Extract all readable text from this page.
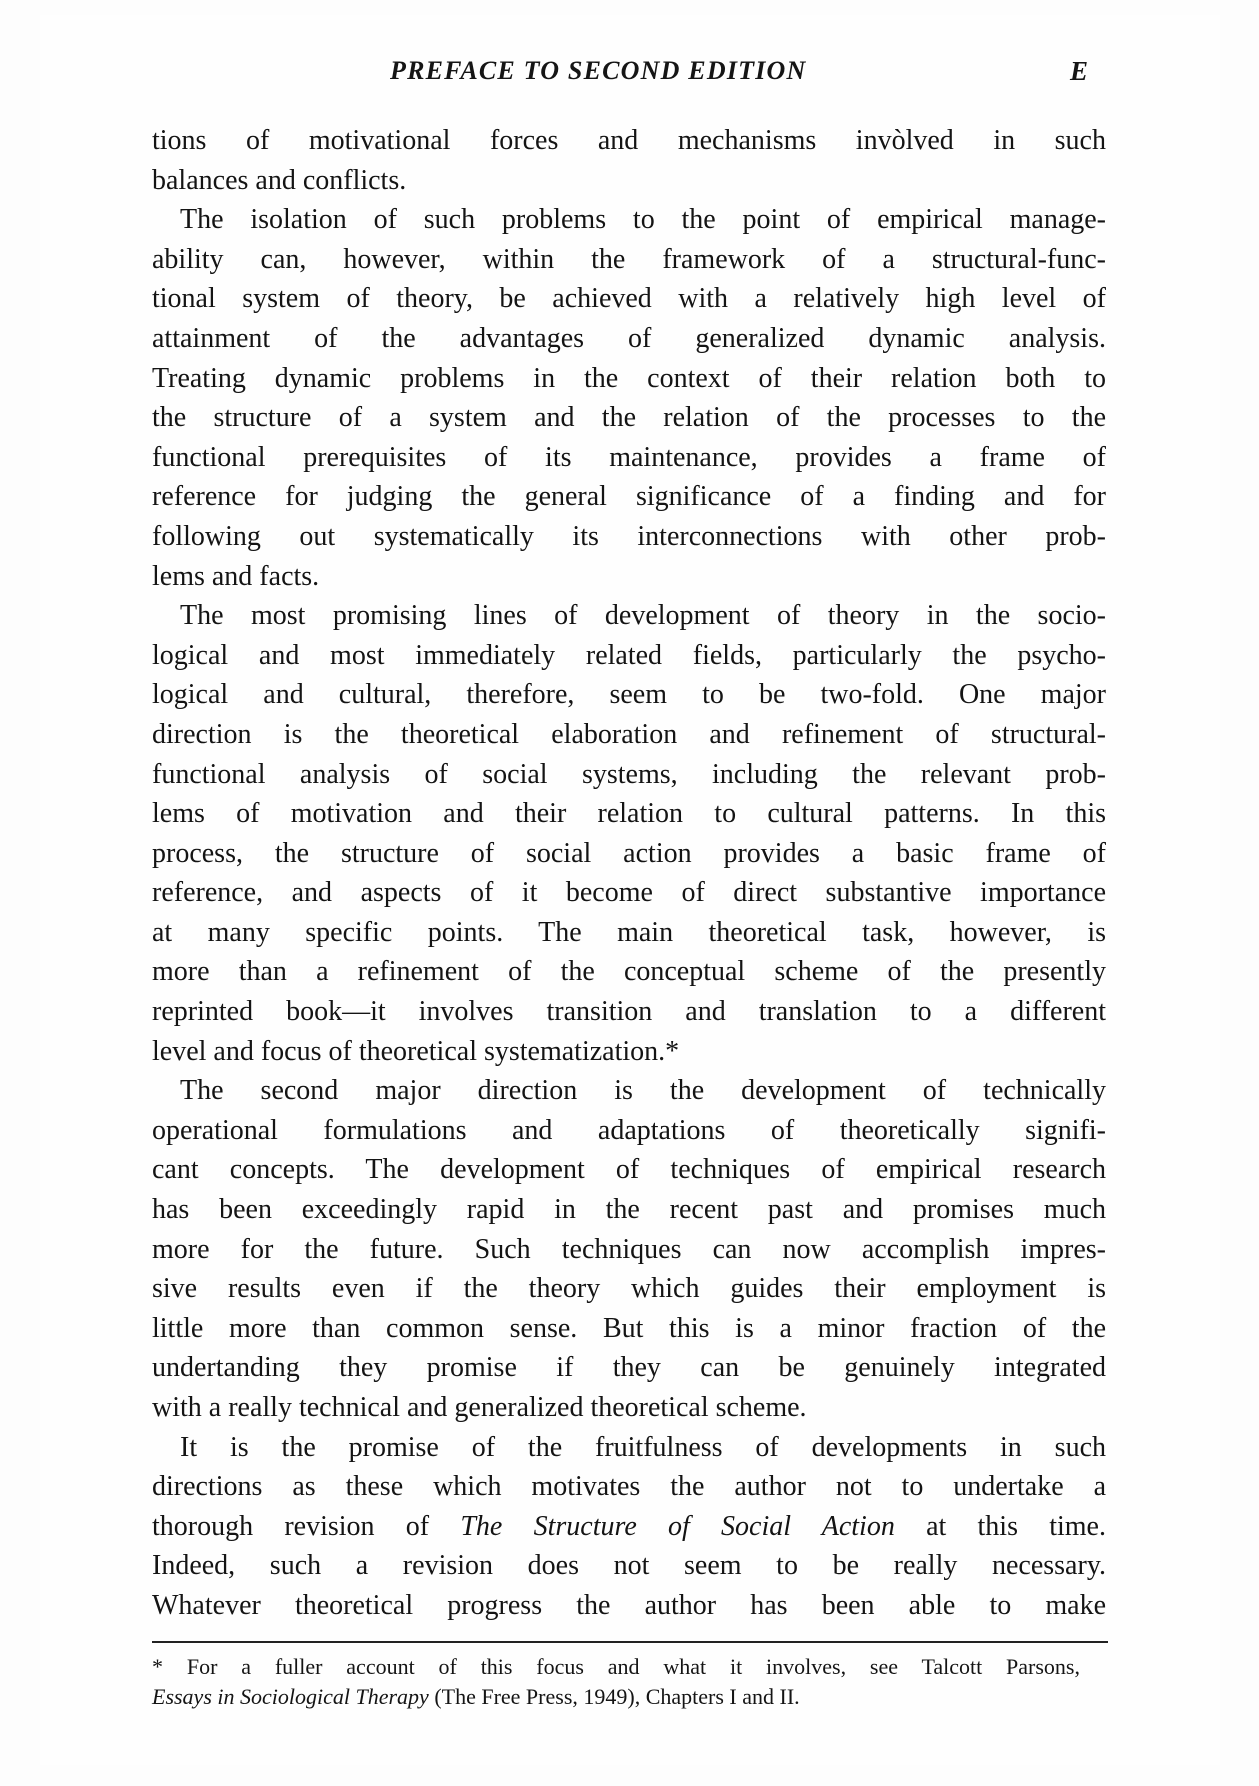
PREFACE TO SECOND EDITION	E
tions of motivational forces and mechanisms invòlved in such
balances and conflicts.
The isolation of such problems to the point of empirical manage-
ability can, however, within the framework of a structural-func-
tional system of theory, be achieved with a relatively high level of
attainment of the advantages of generalized dynamic analysis.
Treating dynamic problems in the context of their relation both to
the structure of a system and the relation of the processes to the
functional prerequisites of its maintenance, provides a frame of
reference for judging the general significance of a finding and for
following out systematically its interconnections with other prob-
lems and facts.
The most promising lines of development of theory in the socio-
logical and most immediately related fields, particularly the psycho-
logical and cultural, therefore, seem to be two-fold. One major
direction is the theoretical elaboration and refinement of structural-
functional analysis of social systems, including the relevant prob-
lems of motivation and their relation to cultural patterns. In this
process, the structure of social action provides a basic frame of
reference, and aspects of it become of direct substantive importance
at many specific points. The main theoretical task, however, is
more than a refinement of the conceptual scheme of the presently
reprinted book—it involves transition and translation to a different
level and focus of theoretical systematization.*
The second major direction is the development of technically
operational formulations and adaptations of theoretically signifi-
cant concepts. The development of techniques of empirical research
has been exceedingly rapid in the recent past and promises much
more for the future. Such techniques can now accomplish impres-
sive results even if the theory which guides their employment is
little more than common sense. But this is a minor fraction of the
undertanding they promise if they can be genuinely integrated
with a really technical and generalized theoretical scheme.
It is the promise of the fruitfulness of developments in such
directions as these which motivates the author not to undertake a
thorough revision of The Structure of Social Action at this time.
Indeed, such a revision does not seem to be really necessary.
Whatever theoretical progress the author has been able to make
* For a fuller account of this focus and what it involves, see Talcott Parsons,
Essays in Sociological Therapy (The Free Press, 1949), Chapters I and II.
